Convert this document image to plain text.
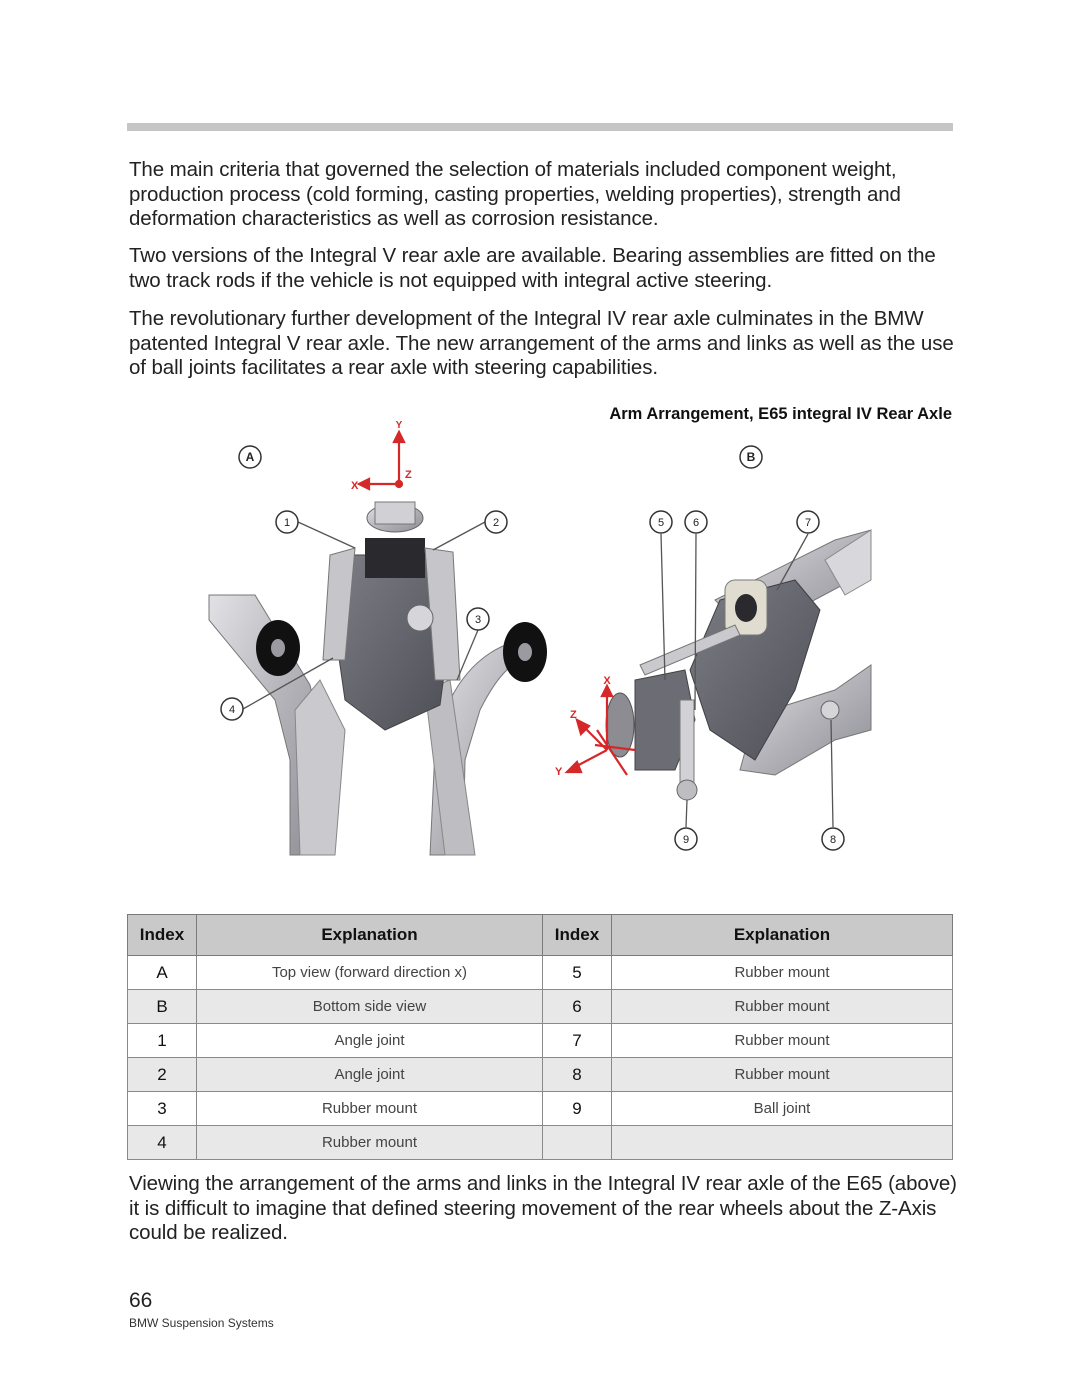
The main criteria that governed the selection of materials included component weight, production process (cold forming, casting properties, welding properties), strength and deformation characteristics as well as corrosion resistance.

Two versions of the Integral V rear axle are available. Bearing assemblies are fitted on the two track rods if the vehicle is not equipped with integral active steering.

The revolutionary further development of the Integral IV rear axle culminates in the BMW patented Integral V rear axle. The new arrangement of the arms and links as well as the use of ball joints facilitates a rear axle with steering capabilities.

Arm Arrangement, E65 integral IV Rear Axle
Y
X
Z
A
1	2
3
4
X
Z
Y
B
5	6	7
8
9
Index	Explanation	Index	Explanation
A	Top view (forward direction x)	5	Rubber mount
B	Bottom side view	6	Rubber mount
1	Angle joint	7	Rubber mount
2	Angle joint	8	Rubber mount
3	Rubber mount	9	Ball joint
4	Rubber mount		

Viewing the arrangement of the arms and links in the Integral IV rear axle of the E65 (above) it is difficult to imagine that defined steering movement of the rear wheels about the Z-Axis could be realized.

66
BMW Suspension Systems
